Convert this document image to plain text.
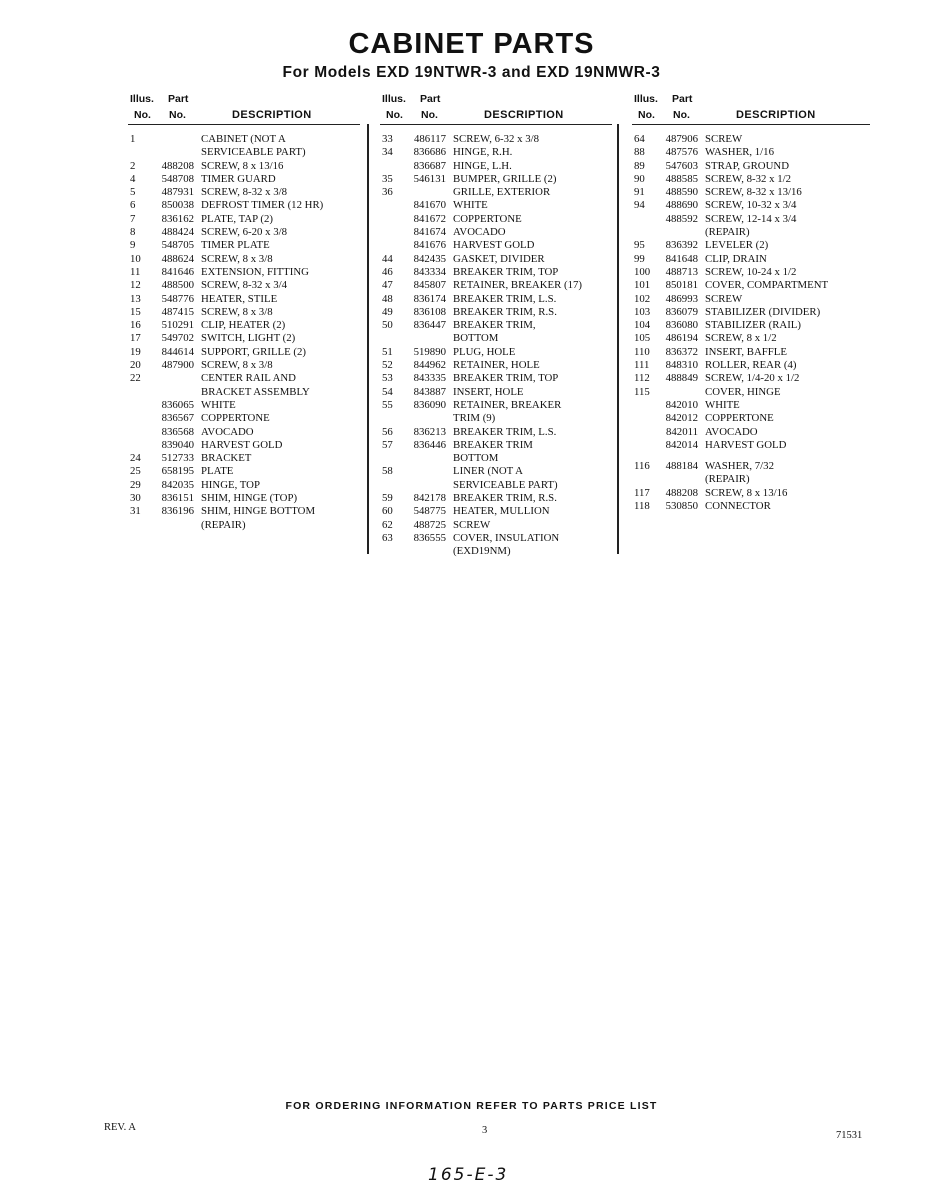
CABINET PARTS
For Models EXD 19NTWR-3 and EXD 19NMWR-3
Illus. Part
No. No.	DESCRIPTION
1	CABINET (NOT A
SERVICEABLE PART)
2	488208 SCREW, 8 x 13/16
4	548708 TIMER GUARD
5	487931 SCREW, 8-32 x 3/8
6	850038 DEFROST TIMER (12 HR)
7	836162 PLATE, TAP (2)
8	488424 SCREW, 6-20 x 3/8
9	548705 TIMER PLATE
10	488624 SCREW, 8 x 3/8
11	841646 EXTENSION, FITTING
12	488500 SCREW, 8-32 x 3/4
13	548776 HEATER, STILE
15	487415 SCREW, 8 x 3/8
16	510291 CLIP, HEATER (2)
17	549702 SWITCH, LIGHT (2)
19	844614 SUPPORT, GRILLE (2)
20	487900 SCREW, 8 x 3/8
22	CENTER RAIL AND
BRACKET ASSEMBLY
836065 WHITE
836567 COPPERTONE
836568 AVOCADO
839040 HARVEST GOLD
24	512733 BRACKET
25	658195 PLATE
29	842035 HINGE, TOP
30	836151 SHIM, HINGE (TOP)
31	836196 SHIM, HINGE BOTTOM
(REPAIR)
Illus. Part
No. No.	DESCRIPTION
33	486117 SCREW, 6-32 x 3/8
34	836686 HINGE, R.H.
836687 HINGE, L.H.
35	546131 BUMPER, GRILLE (2)
36	GRILLE, EXTERIOR
841670 WHITE
841672 COPPERTONE
841674 AVOCADO
841676 HARVEST GOLD
44	842435 GASKET, DIVIDER
46	843334 BREAKER TRIM, TOP
47	845807 RETAINER, BREAKER (17)
48	836174 BREAKER TRIM, L.S.
49	836108 BREAKER TRIM, R.S.
50	836447 BREAKER TRIM,
BOTTOM
51	519890 PLUG, HOLE
52	844962 RETAINER, HOLE
53	843335 BREAKER TRIM, TOP
54	843887 INSERT, HOLE
55	836090 RETAINER, BREAKER
TRIM (9)
56	836213 BREAKER TRIM, L.S.
57	836446 BREAKER TRIM
BOTTOM
58	LINER (NOT A
SERVICEABLE PART)
59	842178 BREAKER TRIM, R.S.
60	548775 HEATER, MULLION
62	488725 SCREW
63	836555 COVER, INSULATION
(EXD19NM)
Illus. Part
No. No.	DESCRIPTION
64	487906 SCREW
88	487576 WASHER, 1/16
89	547603 STRAP, GROUND
90	488585 SCREW, 8-32 x 1/2
91	488590 SCREW, 8-32 x 13/16
94	488690 SCREW, 10-32 x 3/4
488592 SCREW, 12-14 x 3/4
(REPAIR)
95	836392 LEVELER (2)
99	841648 CLIP, DRAIN
100	488713 SCREW, 10-24 x 1/2
101	850181 COVER, COMPARTMENT
102	486993 SCREW
103	836079 STABILIZER (DIVIDER)
104	836080 STABILIZER (RAIL)
105	486194 SCREW, 8 x 1/2
110	836372 INSERT, BAFFLE
111	848310 ROLLER, REAR (4)
112	488849 SCREW, 1/4-20 x 1/2
115	COVER, HINGE
842010 WHITE
842012 COPPERTONE
842011 AVOCADO
842014 HARVEST GOLD
116	488184 WASHER, 7/32
(REPAIR)
117	488208 SCREW, 8 x 13/16
118	530850 CONNECTOR
FOR ORDERING INFORMATION REFER TO PARTS PRICE LIST
REV. A	3	71531
165-E-3
